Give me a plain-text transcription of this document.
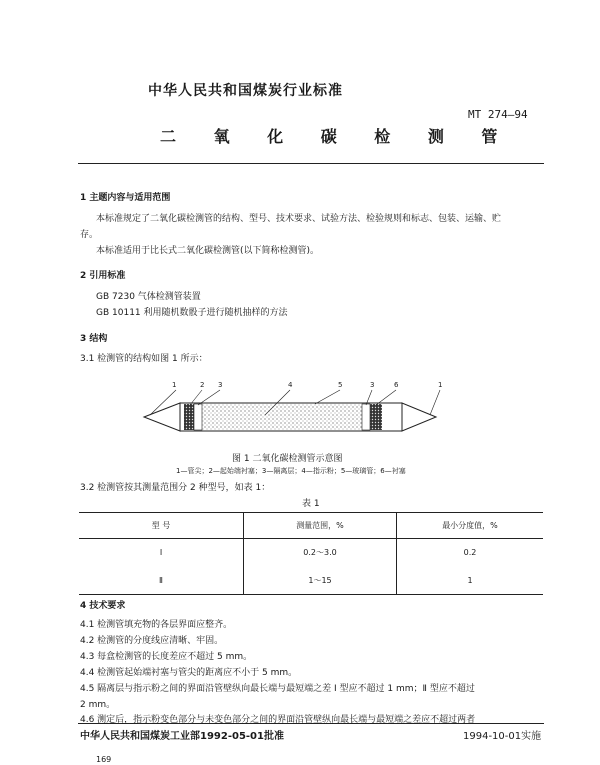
中华人民共和国煤炭行业标准
MT 274—94
二 氧 化 碳 检 测 管
1 主题内容与适用范围
本标准规定了二氧化碳检测管的结构、型号、技术要求、试验方法、检验规则和标志、包装、运输、贮
存。
本标准适用于比长式二氧化碳检测管(以下简称检测管)。
2 引用标准
GB 7230 气体检测管装置
GB 10111 利用随机数骰子进行随机抽样的方法
3 结构
3.1 检测管的结构如图 1 所示：
1	2 3	4	5	3	6	1
图 1 二氧化碳检测管示意图
1—管尖；2—起始端衬塞；3—隔离层；4—指示粉；5—玻璃管；6—衬塞
3.2 检测管按其测量范围分 2 种型号，如表 1：
表 1
型 号	测量范围，%	最小分度值，%
Ⅰ	0.2～3.0	0.2
Ⅱ	1～15	1
4 技术要求
4.1 检测管填充物的各层界面应整齐。
4.2 检测管的分度线应清晰、牢固。
4.3 每盒检测管的长度差应不超过 5 mm。
4.4 检测管起始端衬塞与管尖的距离应不小于 5 mm。
4.5 隔离层与指示粉之间的界面沿管壁纵向最长端与最短端之差 Ⅰ 型应不超过 1 mm；Ⅱ 型应不超过
2 mm。
4.6 测定后，指示粉变色部分与未变色部分之间的界面沿管壁纵向最长端与最短端之差应不超过两者
中华人民共和国煤炭工业部1992-05-01批准	1994-10-01实施
169
